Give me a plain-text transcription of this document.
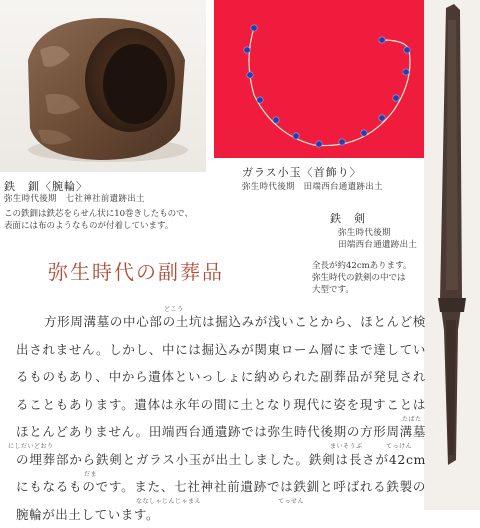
鉄　釧〈腕輪〉
弥生時代後期　七社神社前遺跡出土
この鉄釧は鉄芯をらせん状に10巻きしたもので、
表面には布のようなものが付着しています。
ガラス小玉〈首飾り〉
弥生時代後期　田端西台通遺跡出土
鉄　剣
弥生時代後期
田端西台通遺跡出土
全長が約42cmあります。
弥生時代の鉄剣の中では
大型です。
弥生時代の副葬品
どこう
たばた
にしだいどおり	まいそうぶ	てっけん
だま
ななしゃじんじゃまえ	てっせん

方形周溝墓の中心部の土坑は掘込みが浅いことから、ほとんど検出されません。しかし、中には掘込みが関東ローム層にまで達しているものもあり、中から遺体といっしょに納められた副葬品が発見されることもあります。遺体は永年の間に土となり現代に姿を現すことはほとんどありません。田端西台通遺跡では弥生時代後期の方形周溝墓の埋葬部から鉄剣とガラス小玉が出土しました。鉄剣は長さが42cmにもなるものです。また、七社神社前遺跡では鉄釧と呼ばれる鉄製の腕輪が出土しています。
